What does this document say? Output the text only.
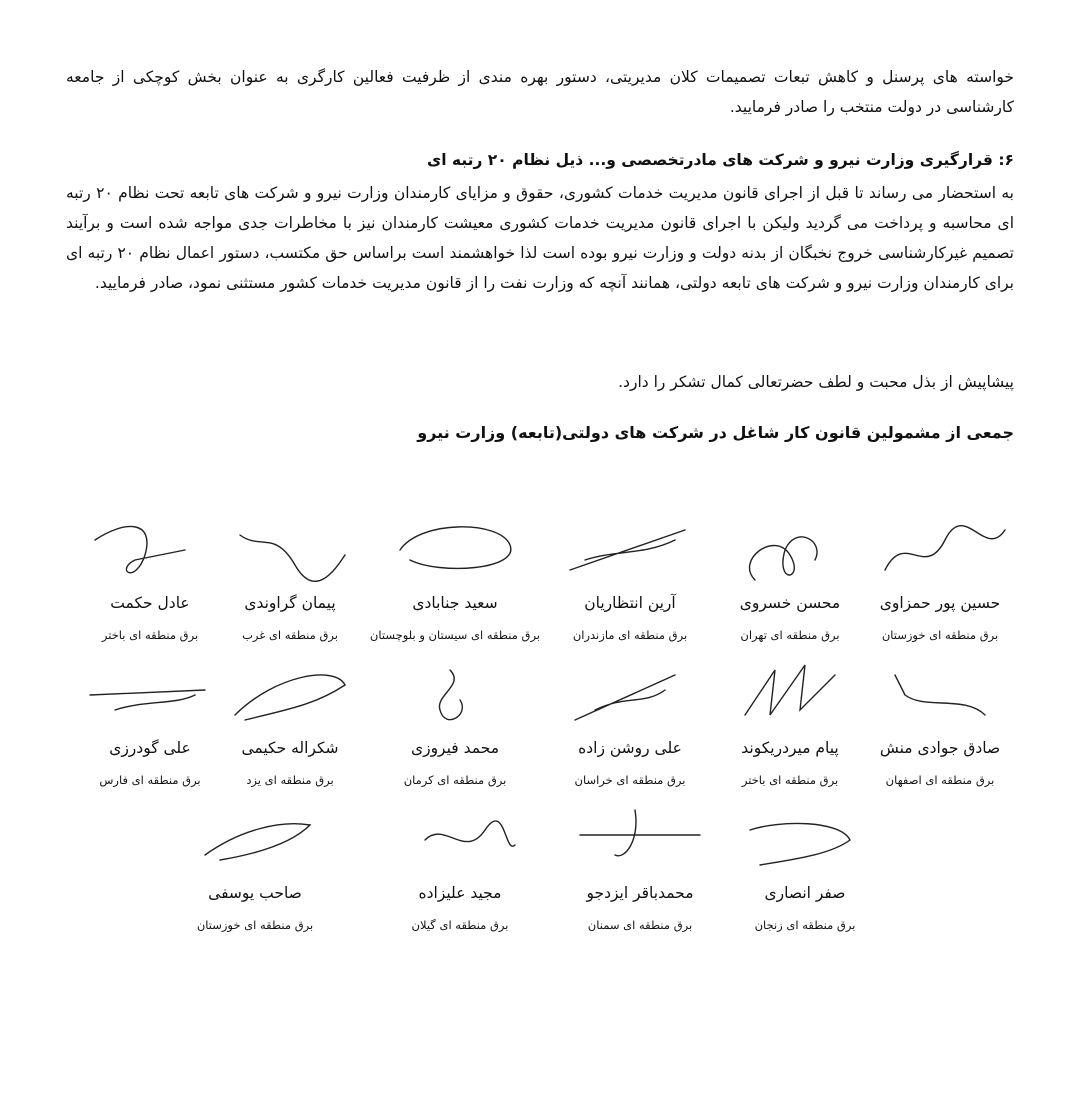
خواسته های پرسنل و کاهش تبعات تصمیمات کلان مدیریتی، دستور بهره مندی از ظرفیت فعالین کارگری به عنوان بخش کوچکی از جامعه کارشناسی در دولت منتخب را صادر فرمایید.

۶: قرارگیری وزارت نیرو و شرکت های مادرتخصصی و... ذیل نظام ۲۰ رتبه ای

به استحضار می رساند تا قبل از اجرای قانون مدیریت خدمات کشوری، حقوق و مزایای کارمندان وزارت نیرو و شرکت های تابعه تحت نظام ۲۰ رتبه ای محاسبه و پرداخت می گردید ولیکن با اجرای قانون مدیریت خدمات کشوری معیشت کارمندان نیز با مخاطرات جدی مواجه شده است و برآیند تصمیم غیرکارشناسی خروج نخبگان از بدنه دولت و وزارت نیرو بوده است لذا خواهشمند است براساس حق مکتسب، دستور اعمال نظام ۲۰ رتبه ای برای کارمندان وزارت نیرو و شرکت های تابعه دولتی، همانند آنچه که وزارت نفت را از قانون مدیریت خدمات کشور مستثنی نمود، صادر فرمایید.

پیشاپیش از بذل محبت و لطف حضرتعالی کمال تشکر را دارد.

جمعی از مشمولین قانون کار شاغل در شرکت های دولتی(تابعه) وزارت نیرو

حسین پور حمزاوی
برق منطقه ای خوزستان
محسن خسروی
برق منطقه ای تهران
آرین انتظاریان
برق منطقه ای مازندران
سعید جنابادی
برق منطقه ای سیستان و بلوچستان
پیمان گراوندی
برق منطقه ای غرب
عادل حکمت
برق منطقه ای باختر
صادق جوادی منش
برق منطقه ای اصفهان
پیام میردریکوند
برق منطقه ای باختر
علی روشن زاده
برق منطقه ای خراسان
محمد فیروزی
برق منطقه ای کرمان
شکراله حکیمی
برق منطقه ای یزد
علی گودرزی
برق منطقه ای فارس
صفر انصاری
برق منطقه ای زنجان
محمدباقر ایزدجو
برق منطقه ای سمنان
مجید علیزاده
برق منطقه ای گیلان
صاحب یوسفی
برق منطقه ای خوزستان
